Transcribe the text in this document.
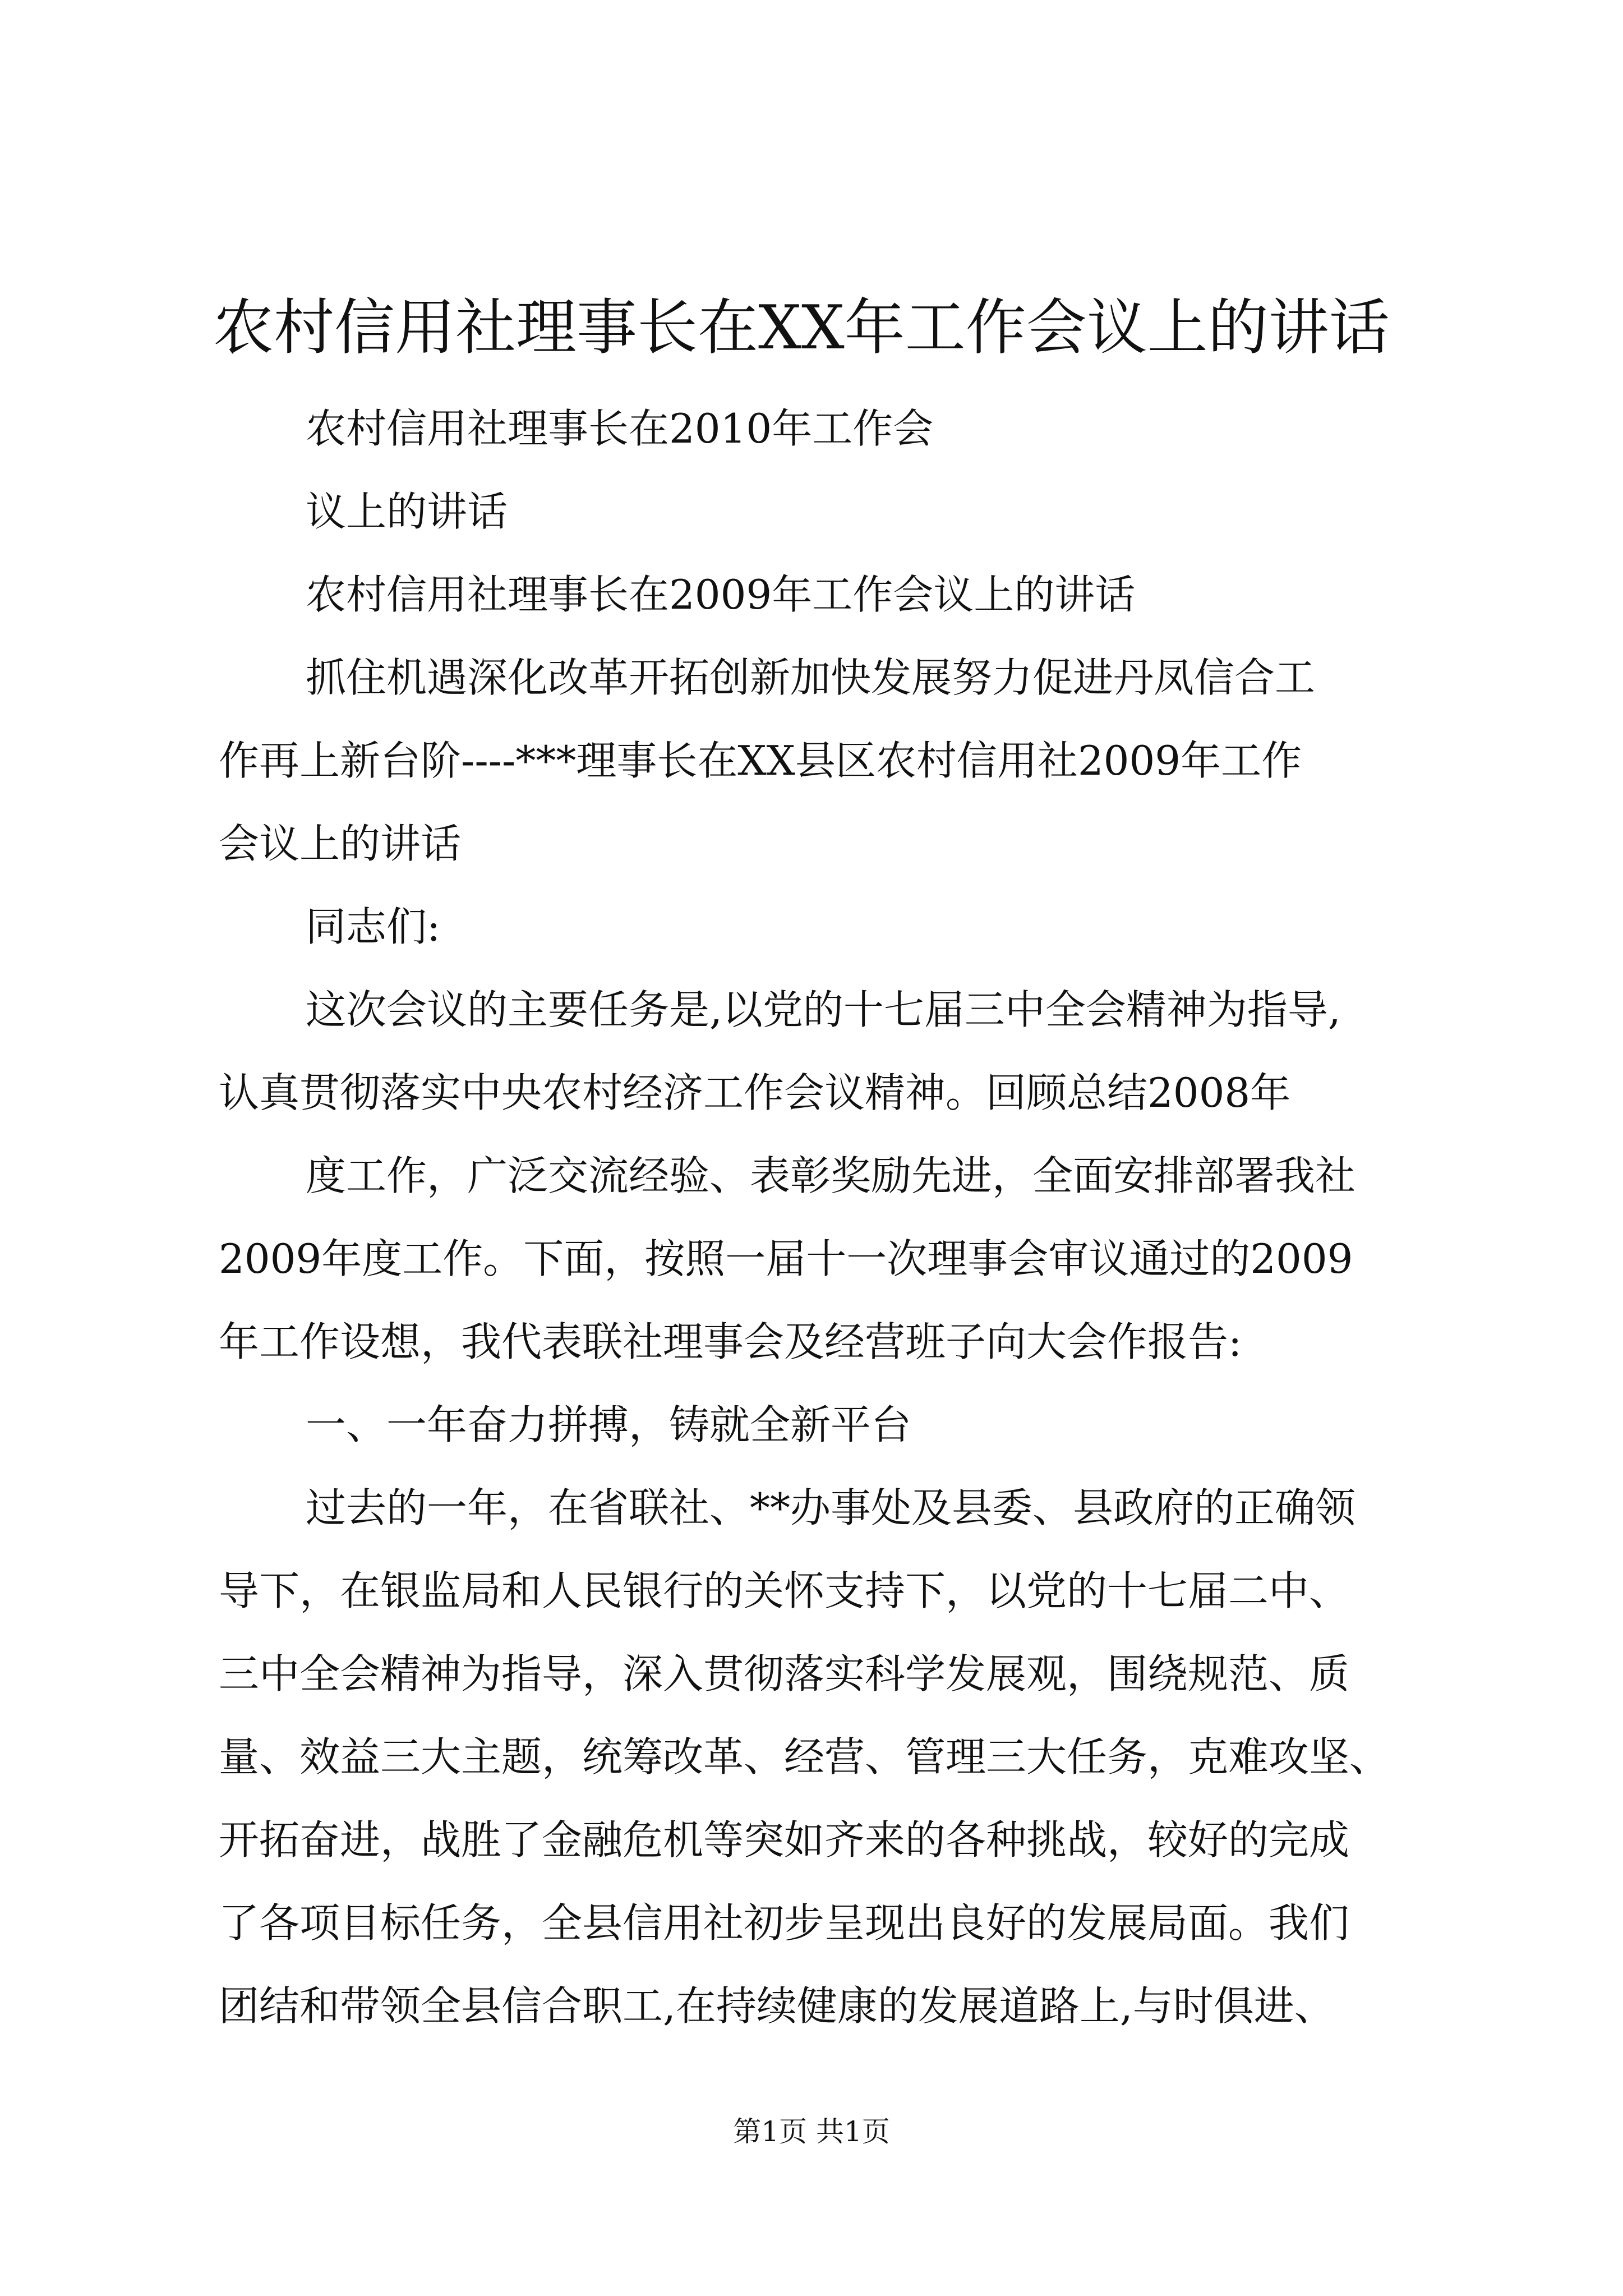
农村信用社理事长在XX年工作会议上的讲话
农村信用社理事长在2010年工作会
议上的讲话
农村信用社理事长在2009年工作会议上的讲话
抓住机遇深化改革开拓创新加快发展努力促进丹凤信合工
作再上新台阶----***理事长在XX县区农村信用社2009年工作
会议上的讲话
同志们:
这次会议的主要任务是,以党的十七届三中全会精神为指导,
认真贯彻落实中央农村经济工作会议精神。回顾总结2008年
度工作，广泛交流经验、表彰奖励先进，全面安排部署我社
2009年度工作。下面，按照一届十一次理事会审议通过的2009
年工作设想，我代表联社理事会及经营班子向大会作报告:
一、一年奋力拼搏，铸就全新平台
过去的一年，在省联社、**办事处及县委、县政府的正确领
导下，在银监局和人民银行的关怀支持下，以党的十七届二中、
三中全会精神为指导，深入贯彻落实科学发展观，围绕规范、质
量、效益三大主题，统筹改革、经营、管理三大任务，克难攻坚、
开拓奋进，战胜了金融危机等突如齐来的各种挑战，较好的完成
了各项目标任务，全县信用社初步呈现出良好的发展局面。我们
团结和带领全县信合职工,在持续健康的发展道路上,与时俱进、
第1页 共1页
